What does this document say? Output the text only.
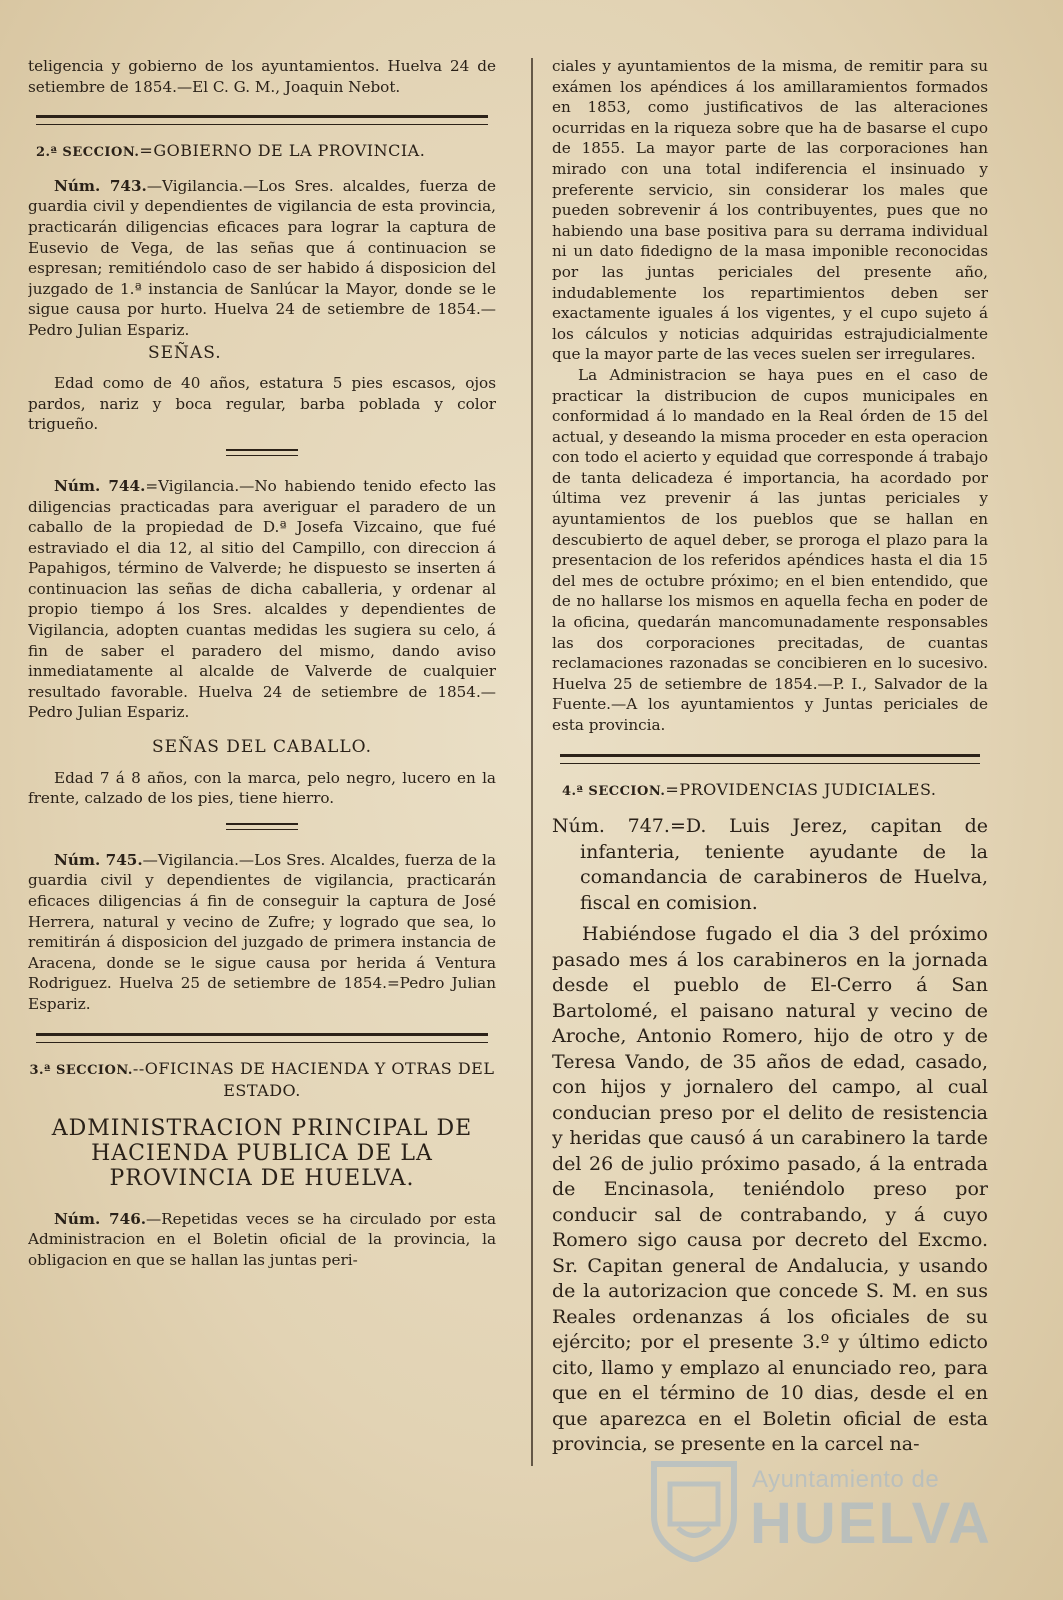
teligencia y gobierno de los ayuntamientos. Huelva 24 de setiembre de 1854.—El C. G. M., Joaquin Nebot.

2.ª SECCION.=GOBIERNO DE LA PROVINCIA.

Núm. 743.—Vigilancia.—Los Sres. alcaldes, fuerza de guardia civil y dependientes de vigilancia de esta provincia, practicarán diligencias eficaces para lograr la captura de Eusevio de Vega, de las señas que á continuacion se espresan; remitiéndolo caso de ser habido á disposicion del juzgado de 1.ª instancia de Sanlúcar la Mayor, donde se le sigue causa por hurto. Huelva 24 de setiembre de 1854.—Pedro Julian Espariz.

SEÑAS.

Edad como de 40 años, estatura 5 pies escasos, ojos pardos, nariz y boca regular, barba poblada y color trigueño.

Núm. 744.=Vigilancia.—No habiendo tenido efecto las diligencias practicadas para averiguar el paradero de un caballo de la propiedad de D.ª Josefa Vizcaino, que fué estraviado el dia 12, al sitio del Campillo, con direccion á Papahigos, término de Valverde; he dispuesto se inserten á continuacion las señas de dicha caballeria, y ordenar al propio tiempo á los Sres. alcaldes y dependientes de Vigilancia, adopten cuantas medidas les sugiera su celo, á fin de saber el paradero del mismo, dando aviso inmediatamente al alcalde de Valverde de cualquier resultado favorable. Huelva 24 de setiembre de 1854.—Pedro Julian Espariz.

SEÑAS DEL CABALLO.

Edad 7 á 8 años, con la marca, pelo negro, lucero en la frente, calzado de los pies, tiene hierro.

Núm. 745.—Vigilancia.—Los Sres. Alcaldes, fuerza de la guardia civil y dependientes de vigilancia, practicarán eficaces diligencias á fin de conseguir la captura de José Herrera, natural y vecino de Zufre; y logrado que sea, lo remitirán á disposicion del juzgado de primera instancia de Aracena, donde se le sigue causa por herida á Ventura Rodriguez. Huelva 25 de setiembre de 1854.=Pedro Julian Espariz.

3.ª SECCION.--OFICINAS DE HACIENDA Y OTRAS DEL ESTADO.
ADMINISTRACION PRINCIPAL DE HACIENDA PUBLICA DE LA PROVINCIA DE HUELVA.

Núm. 746.—Repetidas veces se ha circulado por esta Administracion en el Boletin oficial de la provincia, la obligacion en que se hallan las juntas peri-

ciales y ayuntamientos de la misma, de remitir para su exámen los apéndices á los amillaramientos formados en 1853, como justificativos de las alteraciones ocurridas en la riqueza sobre que ha de basarse el cupo de 1855. La mayor parte de las corporaciones han mirado con una total indiferencia el insinuado y preferente servicio, sin considerar los males que pueden sobrevenir á los contribuyentes, pues que no habiendo una base positiva para su derrama individual ni un dato fidedigno de la masa imponible reconocidas por las juntas periciales del presente año, indudablemente los repartimientos deben ser exactamente iguales á los vigentes, y el cupo sujeto á los cálculos y noticias adquiridas estrajudicialmente que la mayor parte de las veces suelen ser irregulares.

La Administracion se haya pues en el caso de practicar la distribucion de cupos municipales en conformidad á lo mandado en la Real órden de 15 del actual, y deseando la misma proceder en esta operacion con todo el acierto y equidad que corresponde á trabajo de tanta delicadeza é importancia, ha acordado por última vez prevenir á las juntas periciales y ayuntamientos de los pueblos que se hallan en descubierto de aquel deber, se proroga el plazo para la presentacion de los referidos apéndices hasta el dia 15 del mes de octubre próximo; en el bien entendido, que de no hallarse los mismos en aquella fecha en poder de la oficina, quedarán mancomunadamente responsables las dos corporaciones precitadas, de cuantas reclamaciones razonadas se concibieren en lo sucesivo. Huelva 25 de setiembre de 1854.—P. I., Salvador de la Fuente.—A los ayuntamientos y Juntas periciales de esta provincia.

4.ª SECCION.=PROVIDENCIAS JUDICIALES.

Núm. 747.=D. Luis Jerez, capitan de infanteria, teniente ayudante de la comandancia de carabineros de Huelva, fiscal en comision.

Habiéndose fugado el dia 3 del próximo pasado mes á los carabineros en la jornada desde el pueblo de El-Cerro á San Bartolomé, el paisano natural y vecino de Aroche, Antonio Romero, hijo de otro y de Teresa Vando, de 35 años de edad, casado, con hijos y jornalero del campo, al cual conducian preso por el delito de resistencia y heridas que causó á un carabinero la tarde del 26 de julio próximo pasado, á la entrada de Encinasola, teniéndolo preso por conducir sal de contrabando, y á cuyo Romero sigo causa por decreto del Excmo. Sr. Capitan general de Andalucia, y usando de la autorizacion que concede S. M. en sus Reales ordenanzas á los oficiales de su ejército; por el presente 3.º y último edicto cito, llamo y emplazo al enunciado reo, para que en el término de 10 dias, desde el en que aparezca en el Boletin oficial de esta provincia, se presente en la carcel na-

Ayuntamiento de
HUELVA
